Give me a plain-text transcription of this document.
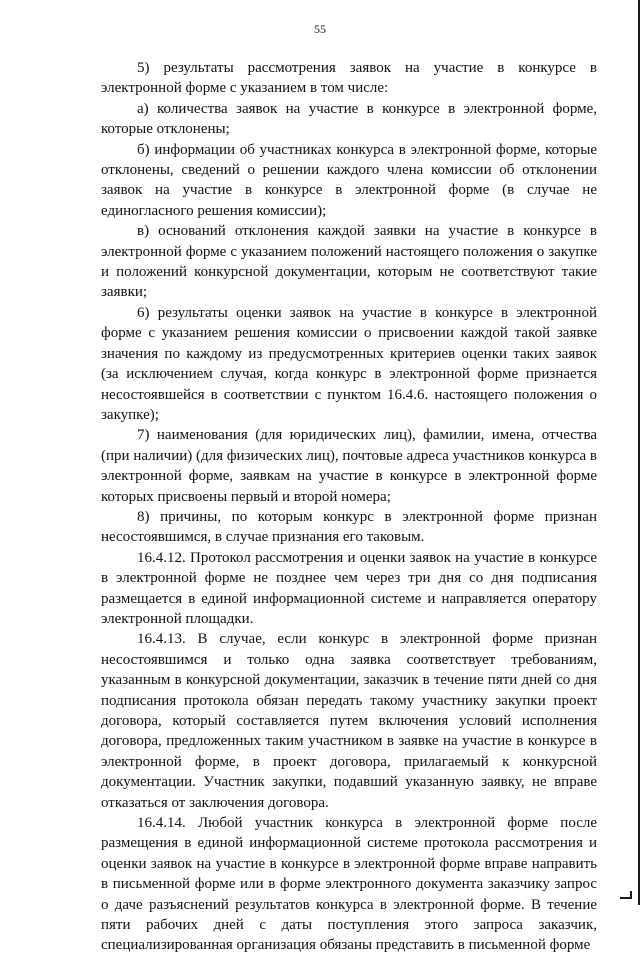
55

5) результаты рассмотрения заявок на участие в конкурсе в электронной форме с указанием в том числе:

а) количества заявок на участие в конкурсе в электронной форме, которые отклонены;

б) информации об участниках конкурса в электронной форме, которые отклонены, сведений о решении каждого члена комиссии об отклонении заявок на участие в конкурсе в электронной форме (в случае не единогласного решения комиссии);

в) оснований отклонения каждой заявки на участие в конкурсе в электронной форме с указанием положений настоящего положения о закупке и положений конкурсной документации, которым не соответствуют такие заявки;

6) результаты оценки заявок на участие в конкурсе в электронной форме с указанием решения комиссии о присвоении каждой такой заявке значения по каждому из предусмотренных критериев оценки таких заявок (за исключением случая, когда конкурс в электронной форме признается несостоявшейся в соответствии с пунктом 16.4.6. настоящего положения о закупке);

7) наименования (для юридических лиц), фамилии, имена, отчества (при наличии) (для физических лиц), почтовые адреса участников конкурса в электронной форме, заявкам на участие в конкурсе в электронной форме которых присвоены первый и второй номера;

8) причины, по которым конкурс в электронной форме признан несостоявшимся, в случае признания его таковым.

16.4.12. Протокол рассмотрения и оценки заявок на участие в конкурсе в электронной форме не позднее чем через три дня со дня подписания размещается в единой информационной системе и направляется оператору электронной площадки.

16.4.13. В случае, если конкурс в электронной форме признан несостоявшимся и только одна заявка соответствует требованиям, указанным в конкурсной документации, заказчик в течение пяти дней со дня подписания протокола обязан передать такому участнику закупки проект договора, который составляется путем включения условий исполнения договора, предложенных таким участником в заявке на участие в конкурсе в электронной форме, в проект договора, прилагаемый к конкурсной документации. Участник закупки, подавший указанную заявку, не вправе отказаться от заключения договора.

16.4.14. Любой участник конкурса в электронной форме после размещения в единой информационной системе протокола рассмотрения и оценки заявок на участие в конкурсе в электронной форме вправе направить в письменной форме или в форме электронного документа заказчику запрос о даче разъяснений результатов конкурса в электронной форме. В течение пяти рабочих дней с даты поступления этого запроса заказчик, специализированная организация обязаны представить в письменной форме
